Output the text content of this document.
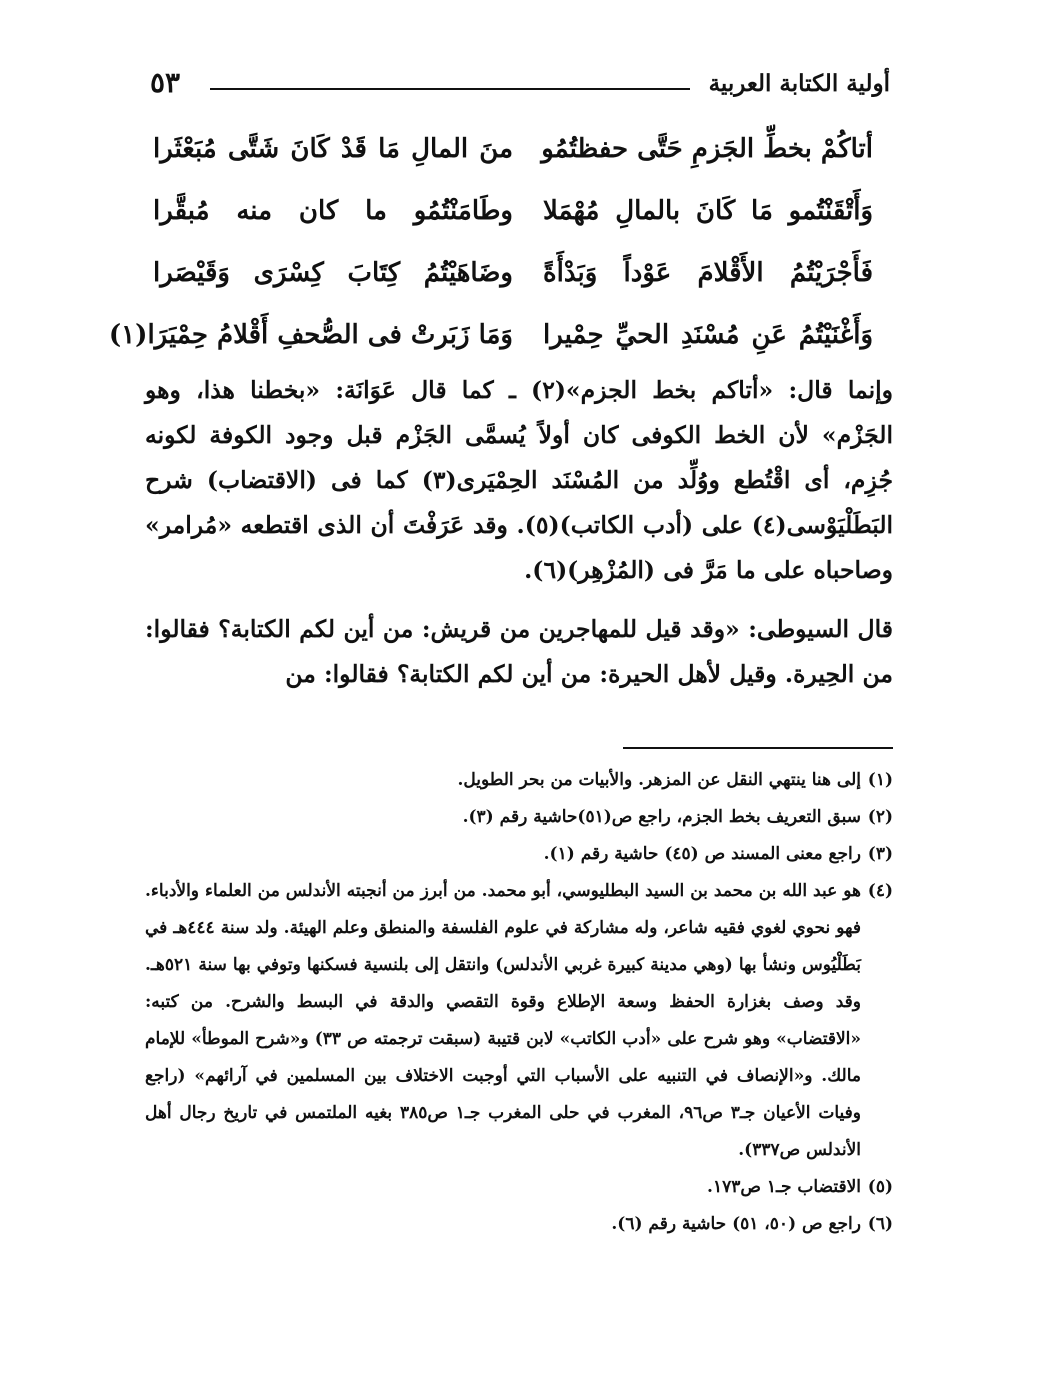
أولية الكتابة العربية
٥٣
أتاكُمْ بخطِّ الجَزمِ حَتَّى حفظتُمُو
منَ المالِ مَا قَدْ كَانَ شَتَّى مُبَعْثَرا
وَأَتْقَنْتُمو مَا كَانَ بالمالِ مُهْمَلا
وطَامَنْتُمُو ما كان منه مُبقَّرا
فَأَجْرَيْتُمُ الأَقْلامَ عَوْداً وَبَدْأَةً
وضَاهَيْتُمُ كِتَابَ كِسْرَى وَقَيْصَرا
وَأَغْنَيْتُمُ عَنِ مُسْنَدِ الحيِّ حِمْيرا
وَمَا زَبَرتْ فى الصُّحفِ أَقْلامُ حِمْيَرَا(١)

وإنما قال: «أتاكم بخط الجزم»(٢) ـ كما قال عَوَانَة: «بخطنا هذا، وهو الجَزْم» لأن الخط الكوفى كان أولاً يُسمَّى الجَزْم قبل وجود الكوفة لكونه جُزِم، أى اقْتُطع ووُلِّد من المُسْنَد الحِمْيَرى(٣) كما فى (الاقتضاب) شرح البَطَلْيَوْسى(٤) على (أدب الكاتب)(٥). وقد عَرَفْتَ أن الذى اقتطعه «مُرامر» وصاحباه على ما مَرَّ فى (المُزْهِر)(٦).

قال السيوطى: «وقد قيل للمهاجرين من قريش: من أين لكم الكتابة؟ فقالوا: من الحِيرة. وقيل لأهل الحيرة: من أين لكم الكتابة؟ فقالوا: من

(١)
إلى هنا ينتهي النقل عن المزهر. والأبيات من بحر الطويل.
(٢)
سبق التعريف بخط الجزم، راجع ص(٥١)حاشية رقم (٣).
(٣)
راجع معنى المسند ص (٤٥) حاشية رقم (١).
(٤)
هو عبد الله بن محمد بن السيد البطليوسي، أبو محمد. من أبرز من أنجبته الأندلس من العلماء والأدباء. فهو نحوي لغوي فقيه شاعر، وله مشاركة في علوم الفلسفة والمنطق وعلم الهيئة. ولد سنة ٤٤٤هـ في بَطَلْيُوس ونشأ بها (وهي مدينة كبيرة غربي الأندلس) وانتقل إلى بلنسية فسكنها وتوفي بها سنة ٥٢١هـ. وقد وصف بغزارة الحفظ وسعة الإطلاع وقوة التقصي والدقة في البسط والشرح. من كتبه: «الاقتضاب» وهو شرح على «أدب الكاتب» لابن قتيبة (سبقت ترجمته ص ٣٣) و«شرح الموطأ» للإمام مالك. و«الإنصاف في التنبيه على الأسباب التي أوجبت الاختلاف بين المسلمين في آرائهم» (راجع وفيات الأعيان جـ٣ ص٩٦، المغرب في حلى المغرب جـ١ ص٣٨٥ بغيه الملتمس في تاريخ رجال أهل الأندلس ص٣٣٧).
(٥)
الاقتضاب جـ١ ص١٧٣.
(٦)
راجع ص (٥٠، ٥١) حاشية رقم (٦).
